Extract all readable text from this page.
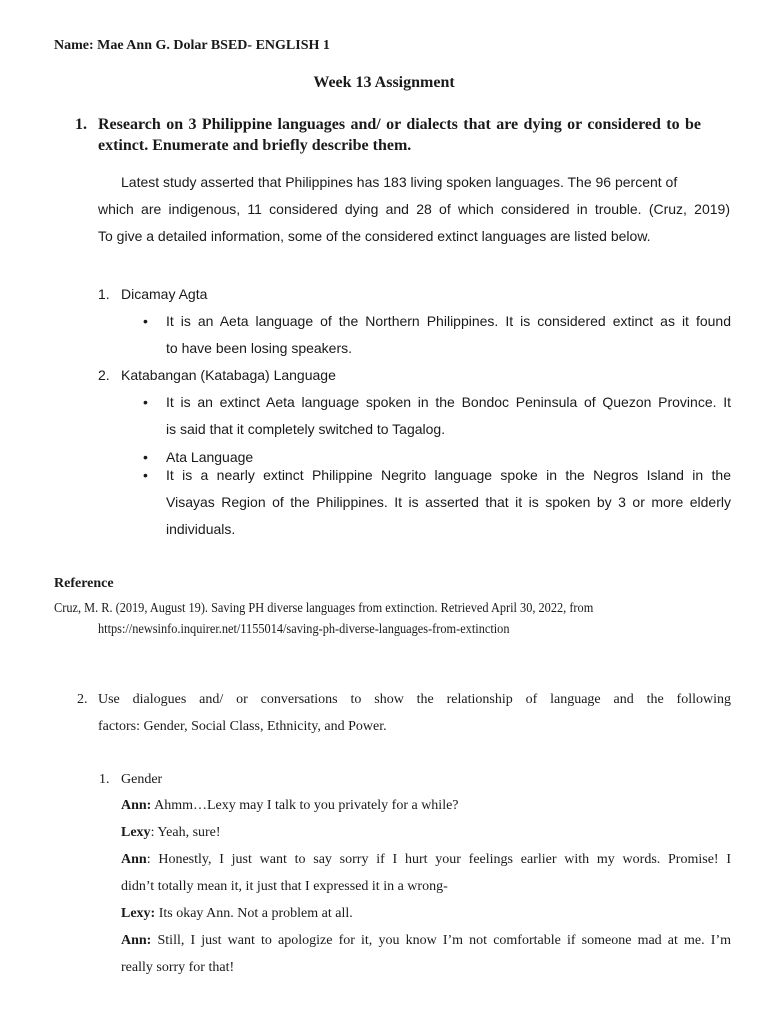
Name: Mae Ann G. Dolar BSED- ENGLISH 1
Week 13 Assignment
1. Research on 3 Philippine languages and/ or dialects that are dying or considered to be
extinct. Enumerate and briefly describe them.
Latest study asserted that Philippines has 183 living spoken languages. The 96 percent of
which are indigenous, 11 considered dying and 28 of which considered in trouble. (Cruz, 2019)
To give a detailed information, some of the considered extinct languages are listed below.
1. Dicamay Agta
• It is an Aeta language of the Northern Philippines. It is considered extinct as it found
to have been losing speakers.
2. Katabangan (Katabaga) Language
• It is an extinct Aeta language spoken in the Bondoc Peninsula of Quezon Province. It
is said that it completely switched to Tagalog.
• Ata Language
• It is a nearly extinct Philippine Negrito language spoke in the Negros Island in the
Visayas Region of the Philippines. It is asserted that it is spoken by 3 or more elderly
individuals.
Reference
Cruz, M. R. (2019, August 19). Saving PH diverse languages from extinction. Retrieved April 30, 2022, from
https://newsinfo.inquirer.net/1155014/saving-ph-diverse-languages-from-extinction
2. Use dialogues and/ or conversations to show the relationship of language and the following
factors: Gender, Social Class, Ethnicity, and Power.
1. Gender
Ann: Ahmm…Lexy may I talk to you privately for a while?
Lexy: Yeah, sure!
Ann: Honestly, I just want to say sorry if I hurt your feelings earlier with my words. Promise! I
didn’t totally mean it, it just that I expressed it in a wrong-
Lexy: Its okay Ann. Not a problem at all.
Ann: Still, I just want to apologize for it, you know I’m not comfortable if someone mad at me. I’m
really sorry for that!
